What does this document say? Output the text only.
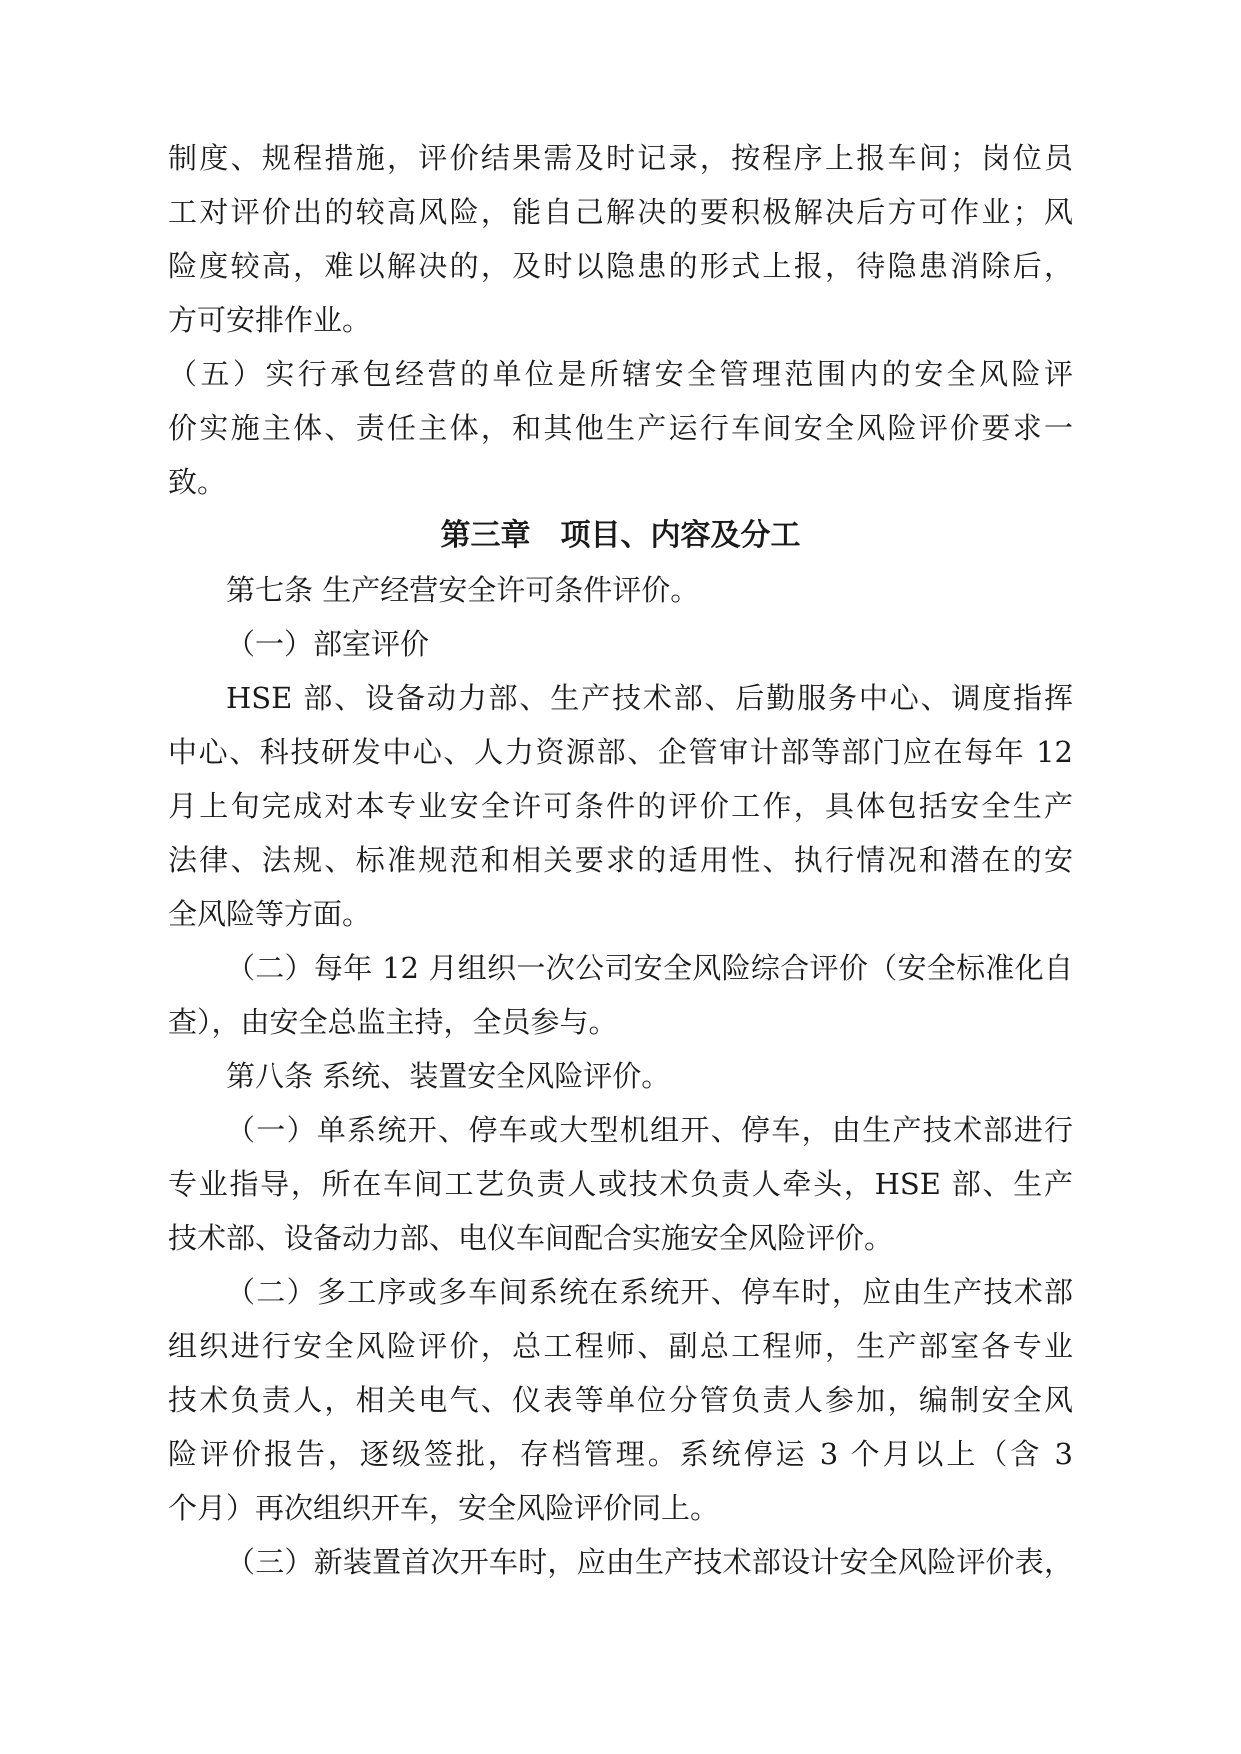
制度、规程措施，评价结果需及时记录，按程序上报车间；岗位员
工对评价出的较高风险，能自己解决的要积极解决后方可作业；风
险度较高，难以解决的，及时以隐患的形式上报，待隐患消除后，
方可安排作业。
（五）实行承包经营的单位是所辖安全管理范围内的安全风险评
价实施主体、责任主体，和其他生产运行车间安全风险评价要求一
致。
第三章　项目、内容及分工
第七条 生产经营安全许可条件评价。
（一）部室评价
HSE 部、设备动力部、生产技术部、后勤服务中心、调度指挥
中心、科技研发中心、人力资源部、企管审计部等部门应在每年 12
月上旬完成对本专业安全许可条件的评价工作，具体包括安全生产
法律、法规、标准规范和相关要求的适用性、执行情况和潜在的安
全风险等方面。
（二）每年 12 月组织一次公司安全风险综合评价（安全标准化自
查），由安全总监主持，全员参与。
第八条 系统、装置安全风险评价。
（一）单系统开、停车或大型机组开、停车，由生产技术部进行
专业指导，所在车间工艺负责人或技术负责人牵头，HSE 部、生产
技术部、设备动力部、电仪车间配合实施安全风险评价。
（二）多工序或多车间系统在系统开、停车时，应由生产技术部
组织进行安全风险评价，总工程师、副总工程师，生产部室各专业
技术负责人，相关电气、仪表等单位分管负责人参加，编制安全风
险评价报告，逐级签批，存档管理。系统停运 3 个月以上（含 3
个月）再次组织开车，安全风险评价同上。
（三）新装置首次开车时，应由生产技术部设计安全风险评价表，
